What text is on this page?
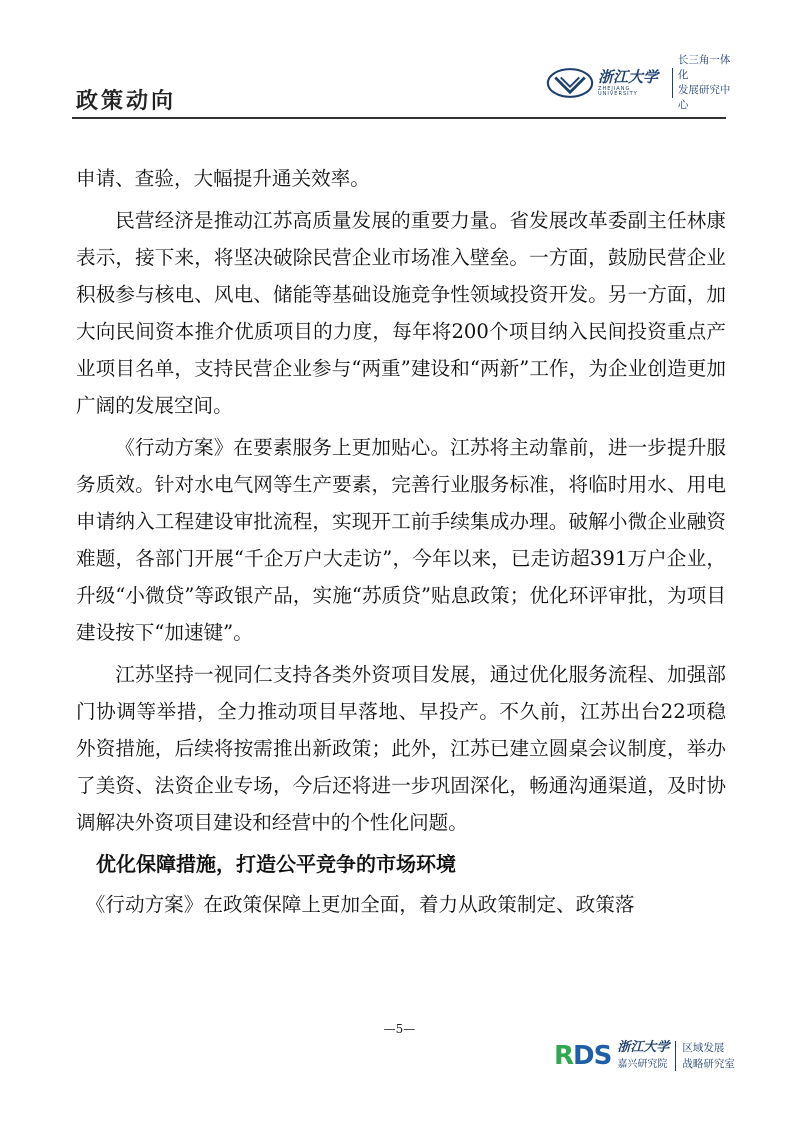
政策动向
浙江大学
ZHEJIANG UNIVERSITY
长三角一体化
发展研究中心

申请、查验，大幅提升通关效率。

民营经济是推动江苏高质量发展的重要力量。省发展改革委副主任林康表示，接下来，将坚决破除民营企业市场准入壁垒。一方面，鼓励民营企业积极参与核电、风电、储能等基础设施竞争性领域投资开发。另一方面，加大向民间资本推介优质项目的力度，每年将200个项目纳入民间投资重点产业项目名单，支持民营企业参与“两重”建设和“两新”工作，为企业创造更加广阔的发展空间。

《行动方案》在要素服务上更加贴心。江苏将主动靠前，进一步提升服务质效。针对水电气网等生产要素，完善行业服务标准，将临时用水、用电申请纳入工程建设审批流程，实现开工前手续集成办理。破解小微企业融资难题，各部门开展“千企万户大走访”，今年以来，已走访超391万户企业，升级“小微贷”等政银产品，实施“苏质贷”贴息政策；优化环评审批，为项目建设按下“加速键”。

江苏坚持一视同仁支持各类外资项目发展，通过优化服务流程、加强部门协调等举措，全力推动项目早落地、早投产。不久前，江苏出台22项稳外资措施，后续将按需推出新政策；此外，江苏已建立圆桌会议制度，举办了美资、法资企业专场，今后还将进一步巩固深化，畅通沟通渠道，及时协调解决外资项目建设和经营中的个性化问题。

优化保障措施，打造公平竞争的市场环境

《行动方案》在政策保障上更加全面，着力从政策制定、政策落

—5—
RDS 浙江大学
嘉兴研究院
区域发展
战略研究室
